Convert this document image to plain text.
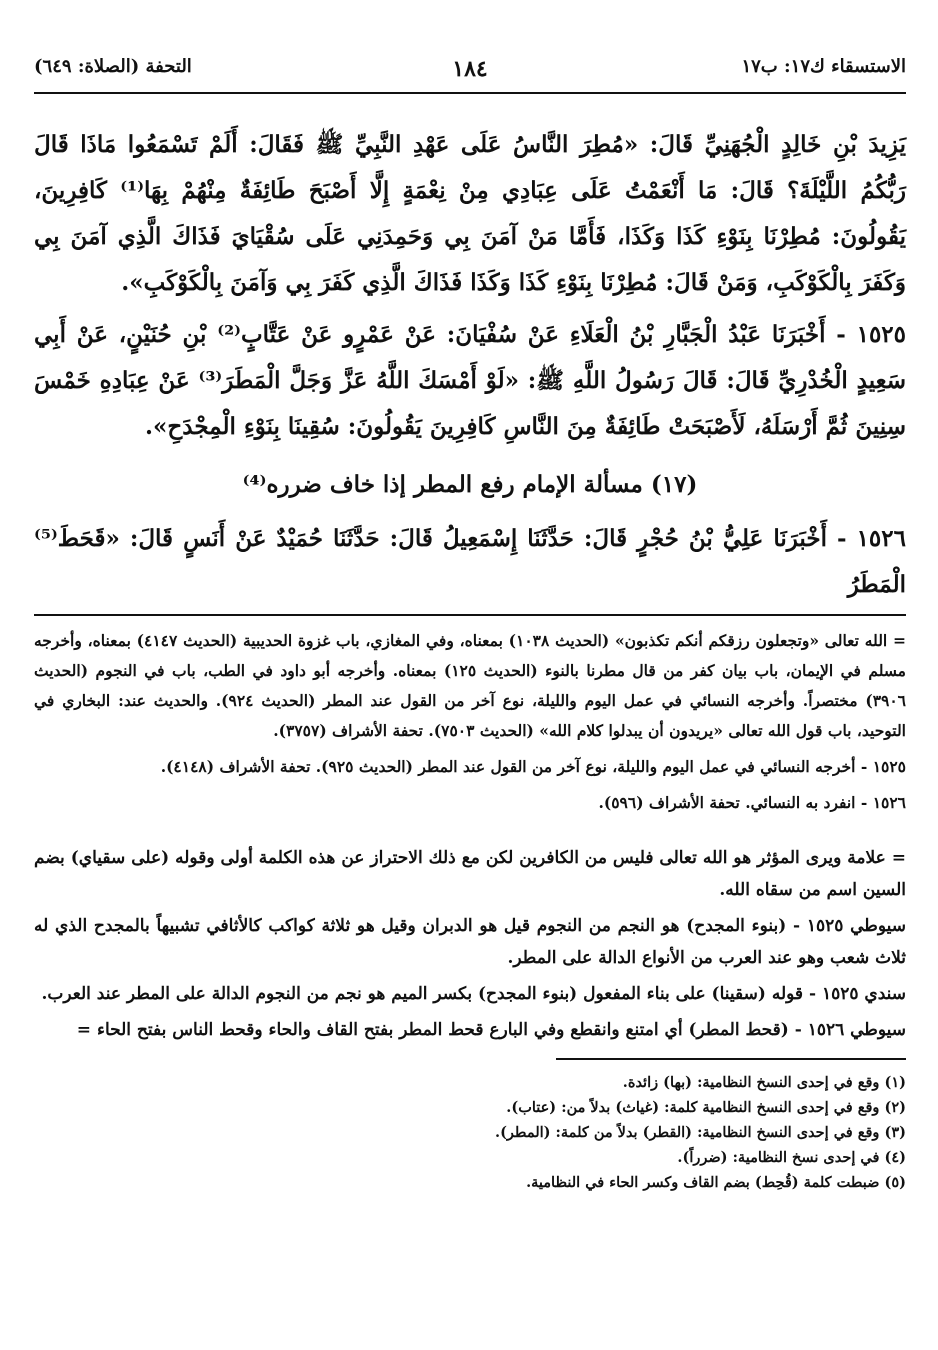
الاستسقاء ك١٧: ب١٧
١٨٤
التحفة (الصلاة: ٦٤٩)

يَزِيدَ بْنِ خَالِدٍ الْجُهَنِيِّ قَالَ: «مُطِرَ النَّاسُ عَلَى عَهْدِ النَّبِيِّ ﷺ فَقَالَ: أَلَمْ تَسْمَعُوا مَاذَا قَالَ رَبُّكُمُ اللَّيْلَةَ؟ قَالَ: مَا أَنْعَمْتُ عَلَى عِبَادِي مِنْ نِعْمَةٍ إِلَّا أَصْبَحَ طَائِفَةٌ مِنْهُمْ بِهَا⁽¹⁾ كَافِرِينَ، يَقُولُونَ: مُطِرْنَا بِنَوْءِ كَذَا وَكَذَا، فَأَمَّا مَنْ آمَنَ بِي وَحَمِدَنِي عَلَى سُقْيَايَ فَذَاكَ الَّذِي آمَنَ بِي وَكَفَرَ بِالْكَوْكَبِ، وَمَنْ قَالَ: مُطِرْنَا بِنَوْءِ كَذَا وَكَذَا فَذَاكَ الَّذِي كَفَرَ بِي وَآمَنَ بِالْكَوْكَبِ».

١٥٢٥ - أَخْبَرَنَا عَبْدُ الْجَبَّارِ بْنُ الْعَلَاءِ عَنْ سُفْيَانَ: عَنْ عَمْرٍو عَنْ عَتَّابٍ⁽²⁾ بْنِ حُنَيْنٍ، عَنْ أَبِي سَعِيدٍ الْخُدْرِيِّ قَالَ: قَالَ رَسُولُ اللَّهِ ﷺ: «لَوْ أَمْسَكَ اللَّهُ عَزَّ وَجَلَّ الْمَطَرَ⁽³⁾ عَنْ عِبَادِهِ خَمْسَ سِنِينَ ثُمَّ أَرْسَلَهُ، لَأَصْبَحَتْ طَائِفَةٌ مِنَ النَّاسِ كَافِرِينَ يَقُولُونَ: سُقِينَا بِنَوْءِ الْمِجْدَحِ».

(١٧) مسألة الإمام رفع المطر إذا خاف ضرره⁽⁴⁾

١٥٢٦ - أَخْبَرَنَا عَلِيُّ بْنُ حُجْرٍ قَالَ: حَدَّثَنَا إِسْمَعِيلُ قَالَ: حَدَّثَنَا حُمَيْدٌ عَنْ أَنَسٍ قَالَ: «قَحَطَ⁽⁵⁾ الْمَطَرُ

= الله تعالى «وتجعلون رزقكم أنكم تكذبون» (الحديث ١٠٣٨) بمعناه، وفي المغازي، باب غزوة الحديبية (الحديث ٤١٤٧) بمعناه، وأخرجه مسلم في الإيمان، باب بيان كفر من قال مطرنا بالنوء (الحديث ١٢٥) بمعناه. وأخرجه أبو داود في الطب، باب في النجوم (الحديث ٣٩٠٦) مختصراً. وأخرجه النسائي في عمل اليوم والليلة، نوع آخر من القول عند المطر (الحديث ٩٢٤). والحديث عند: البخاري في التوحيد، باب قول الله تعالى «يريدون أن يبدلوا كلام الله» (الحديث ٧٥٠٣). تحفة الأشراف (٣٧٥٧).

١٥٢٥ - أخرجه النسائي في عمل اليوم والليلة، نوع آخر من القول عند المطر (الحديث ٩٢٥). تحفة الأشراف (٤١٤٨).

١٥٢٦ - انفرد به النسائي. تحفة الأشراف (٥٩٦).

= علامة ويرى المؤثر هو الله تعالى فليس من الكافرين لكن مع ذلك الاحتراز عن هذه الكلمة أولى وقوله (على سقياي) بضم السين اسم من سقاه الله.

سيوطي ١٥٢٥ - (بنوء المجدح) هو النجم من النجوم قيل هو الدبران وقيل هو ثلاثة كواكب كالأثافي تشبيهاً بالمجدح الذي له ثلاث شعب وهو عند العرب من الأنواع الدالة على المطر.

سندي ١٥٢٥ - قوله (سقينا) على بناء المفعول (بنوء المجدح) بكسر الميم هو نجم من النجوم الدالة على المطر عند العرب.

سيوطي ١٥٢٦ - (قحط المطر) أي امتنع وانقطع وفي البارع قحط المطر بفتح القاف والحاء وقحط الناس بفتح الحاء =

(١) وقع في إحدى النسخ النظامية: (بها) زائدة.

(٢) وقع في إحدى النسخ النظامية كلمة: (غياث) بدلاً من: (عتاب).

(٣) وقع في إحدى النسخ النظامية: (القطر) بدلاً من كلمة: (المطر).

(٤) في إحدى نسخ النظامية: (ضرراً).

(٥) ضبطت كلمة (قُحِط) بضم القاف وكسر الحاء في النظامية.
